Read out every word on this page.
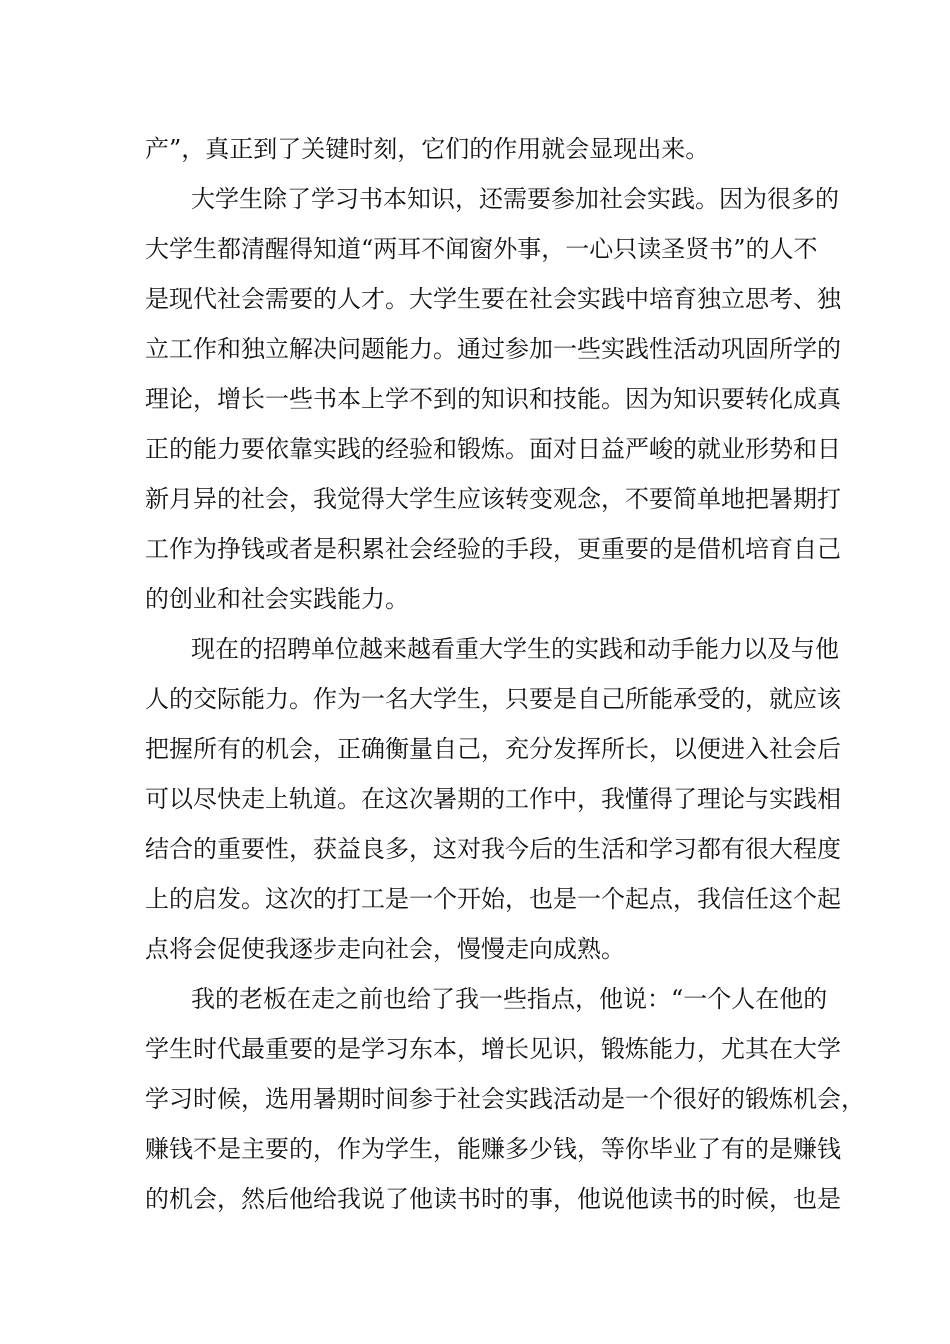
产”，真正到了关键时刻，它们的作用就会显现出来。
大学生除了学习书本知识，还需要参加社会实践。因为很多的
大学生都清醒得知道“两耳不闻窗外事，一心只读圣贤书”的人不
是现代社会需要的人才。大学生要在社会实践中培育独立思考、独
立工作和独立解决问题能力。通过参加一些实践性活动巩固所学的
理论，增长一些书本上学不到的知识和技能。因为知识要转化成真
正的能力要依靠实践的经验和锻炼。面对日益严峻的就业形势和日
新月异的社会，我觉得大学生应该转变观念，不要简单地把暑期打
工作为挣钱或者是积累社会经验的手段，更重要的是借机培育自己
的创业和社会实践能力。
现在的招聘单位越来越看重大学生的实践和动手能力以及与他
人的交际能力。作为一名大学生，只要是自己所能承受的，就应该
把握所有的机会，正确衡量自己，充分发挥所长，以便进入社会后
可以尽快走上轨道。在这次暑期的工作中，我懂得了理论与实践相
结合的重要性，获益良多，这对我今后的生活和学习都有很大程度
上的启发。这次的打工是一个开始，也是一个起点，我信任这个起
点将会促使我逐步走向社会，慢慢走向成熟。
我的老板在走之前也给了我一些指点，他说：“一个人在他的
学生时代最重要的是学习东本，增长见识，锻炼能力，尤其在大学
学习时候，选用暑期时间参于社会实践活动是一个很好的锻炼机会，
赚钱不是主要的，作为学生，能赚多少钱，等你毕业了有的是赚钱
的机会，然后他给我说了他读书时的事，他说他读书的时候，也是
